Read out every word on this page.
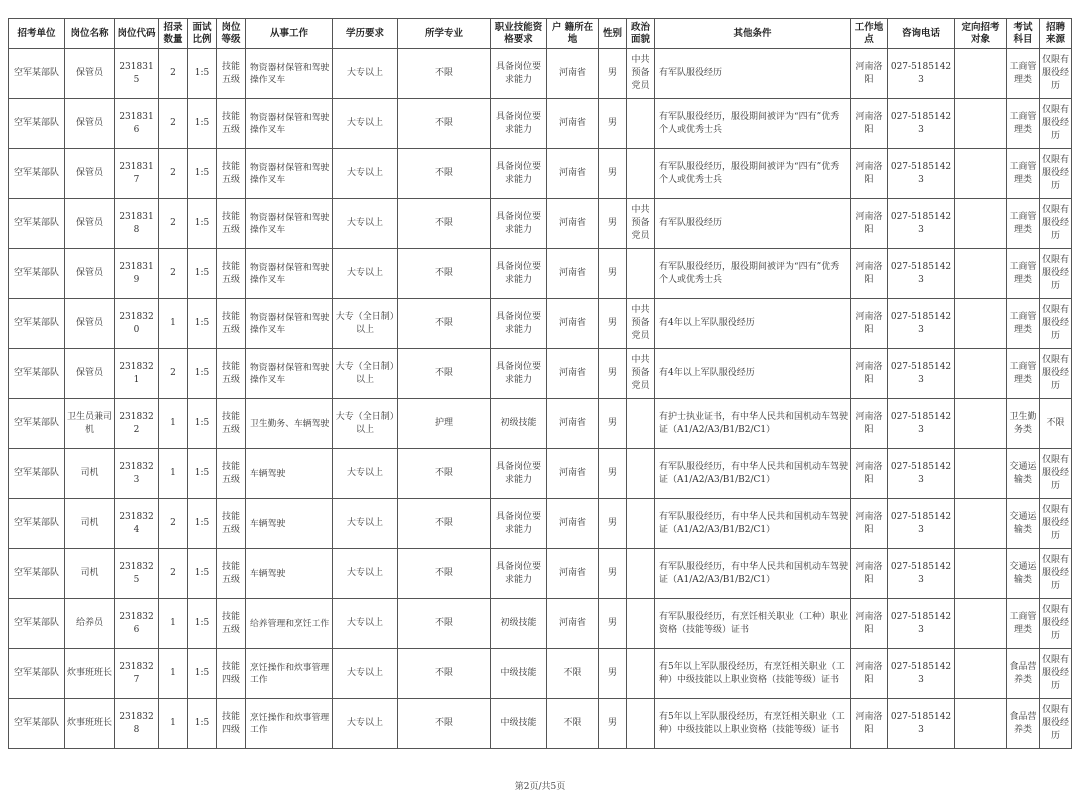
招考单位	岗位名称	岗位代码	招录数量	面试比例	岗位等级	从事工作	学历要求	所学专业	职业技能资格要求	户 籍所在地	性别	政治面貌	其他条件	工作地点	咨询电话	定向招考对象	考试科目	招聘来源
空军某部队	保管员	2318315	2	1:5	技能五级	物资器材保管和驾驶操作叉车	大专以上	不限	具备岗位要求能力	河南省	男	中共预备党员	有军队服役经历	河南洛阳	027-51851423		工商管理类	仅限有服役经历
空军某部队	保管员	2318316	2	1:5	技能五级	物资器材保管和驾驶操作叉车	大专以上	不限	具备岗位要求能力	河南省	男		有军队服役经历，服役期间被评为“四有”优秀个人或优秀士兵	河南洛阳	027-51851423		工商管理类	仅限有服役经历
空军某部队	保管员	2318317	2	1:5	技能五级	物资器材保管和驾驶操作叉车	大专以上	不限	具备岗位要求能力	河南省	男		有军队服役经历，服役期间被评为“四有”优秀个人或优秀士兵	河南洛阳	027-51851423		工商管理类	仅限有服役经历
空军某部队	保管员	2318318	2	1:5	技能五级	物资器材保管和驾驶操作叉车	大专以上	不限	具备岗位要求能力	河南省	男	中共预备党员	有军队服役经历	河南洛阳	027-51851423		工商管理类	仅限有服役经历
空军某部队	保管员	2318319	2	1:5	技能五级	物资器材保管和驾驶操作叉车	大专以上	不限	具备岗位要求能力	河南省	男		有军队服役经历，服役期间被评为“四有”优秀个人或优秀士兵	河南洛阳	027-51851423		工商管理类	仅限有服役经历
空军某部队	保管员	2318320	1	1:5	技能五级	物资器材保管和驾驶操作叉车	大专（全日制）以上	不限	具备岗位要求能力	河南省	男	中共预备党员	有4年以上军队服役经历	河南洛阳	027-51851423		工商管理类	仅限有服役经历
空军某部队	保管员	2318321	2	1:5	技能五级	物资器材保管和驾驶操作叉车	大专（全日制）以上	不限	具备岗位要求能力	河南省	男	中共预备党员	有4年以上军队服役经历	河南洛阳	027-51851423		工商管理类	仅限有服役经历
空军某部队	卫生员兼司机	2318322	1	1:5	技能五级	卫生勤务、车辆驾驶	大专（全日制）以上	护理	初级技能	河南省	男		有护士执业证书，有中华人民共和国机动车驾驶证（A1/A2/A3/B1/B2/C1）	河南洛阳	027-51851423		卫生勤务类	不限
空军某部队	司机	2318323	1	1:5	技能五级	车辆驾驶	大专以上	不限	具备岗位要求能力	河南省	男		有军队服役经历，有中华人民共和国机动车驾驶证（A1/A2/A3/B1/B2/C1）	河南洛阳	027-51851423		交通运输类	仅限有服役经历
空军某部队	司机	2318324	2	1:5	技能五级	车辆驾驶	大专以上	不限	具备岗位要求能力	河南省	男		有军队服役经历，有中华人民共和国机动车驾驶证（A1/A2/A3/B1/B2/C1）	河南洛阳	027-51851423		交通运输类	仅限有服役经历
空军某部队	司机	2318325	2	1:5	技能五级	车辆驾驶	大专以上	不限	具备岗位要求能力	河南省	男		有军队服役经历，有中华人民共和国机动车驾驶证（A1/A2/A3/B1/B2/C1）	河南洛阳	027-51851423		交通运输类	仅限有服役经历
空军某部队	给养员	2318326	1	1:5	技能五级	给养管理和烹饪工作	大专以上	不限	初级技能	河南省	男		有军队服役经历，有烹饪相关职业（工种）职业资格（技能等级）证书	河南洛阳	027-51851423		工商管理类	仅限有服役经历
空军某部队	炊事班班长	2318327	1	1:5	技能四级	烹饪操作和炊事管理工作	大专以上	不限	中级技能	不限	男		有5年以上军队服役经历，有烹饪相关职业（工种）中级技能以上职业资格（技能等级）证书	河南洛阳	027-51851423		食品营养类	仅限有服役经历
空军某部队	炊事班班长	2318328	1	1:5	技能四级	烹饪操作和炊事管理工作	大专以上	不限	中级技能	不限	男		有5年以上军队服役经历，有烹饪相关职业（工种）中级技能以上职业资格（技能等级）证书	河南洛阳	027-51851423		食品营养类	仅限有服役经历
第2页/共5页
